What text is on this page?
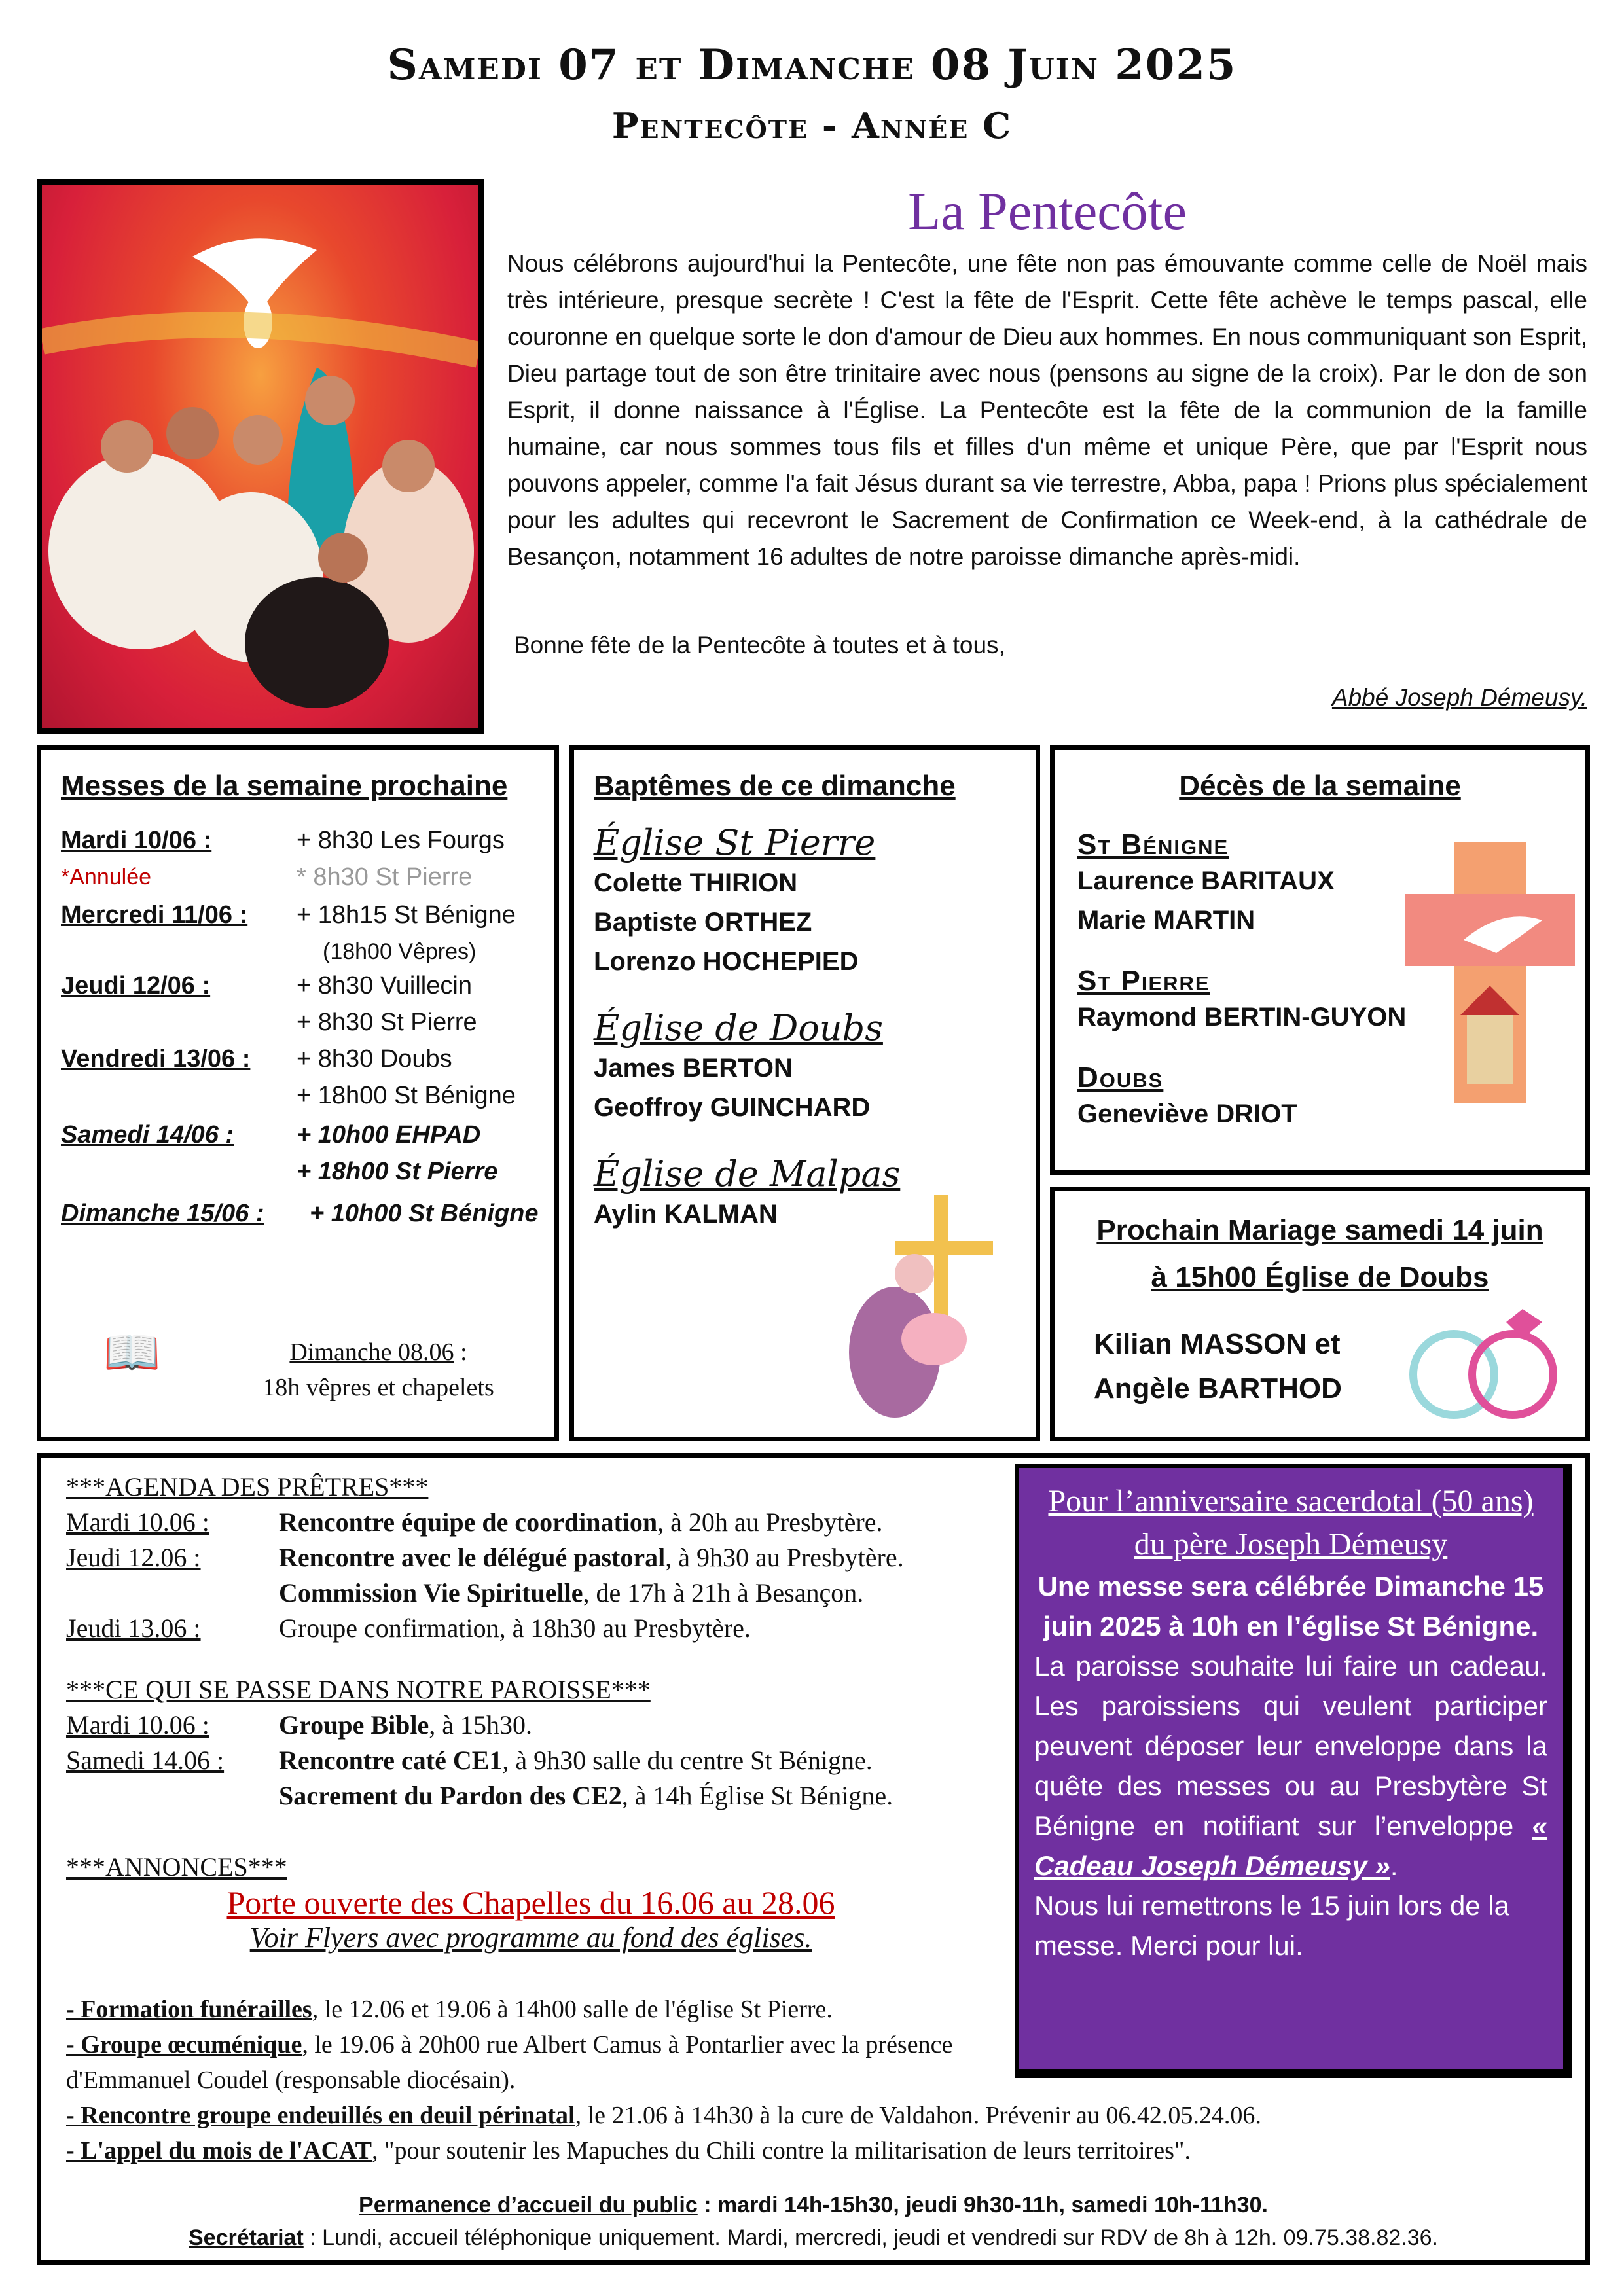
Samedi 07 et Dimanche 08 Juin 2025
Pentecôte - Année C
La Pentecôte
Nous célébrons aujourd'hui la Pentecôte, une fête non pas émouvante comme celle de Noël mais très intérieure, presque secrète ! C'est la fête de l'Esprit. Cette fête achève le temps pascal, elle couronne en quelque sorte le don d'amour de Dieu aux hommes. En nous communiquant son Esprit, Dieu partage tout de son être trinitaire avec nous (pensons au signe de la croix). Par le don de son Esprit, il donne naissance à l'Église. La Pentecôte est la fête de la communion de la famille humaine, car nous sommes tous fils et filles d'un même et unique Père, que par l'Esprit nous pouvons appeler, comme l'a fait Jésus durant sa vie terrestre, Abba, papa ! Prions plus spécialement pour les adultes qui recevront le Sacrement de Confirmation ce Week-end, à la cathédrale de Besançon, notamment 16 adultes de notre paroisse dimanche après-midi.
Bonne fête de la Pentecôte à toutes et à tous,
Abbé Joseph Démeusy.
Messes de la semaine prochaine
Mardi 10/06 :	+ 8h30 Les Fourgs
*Annulée	* 8h30 St Pierre
Mercredi 11/06 : + 18h15 St Bénigne
(18h00 Vêpres)
Jeudi 12/06 :	+ 8h30 Vuillecin
+ 8h30 St Pierre
Vendredi 13/06 : + 8h30 Doubs
+ 18h00 St Bénigne
Samedi 14/06 :	+ 10h00 EHPAD
+ 18h00 St Pierre
Dimanche 15/06 : + 10h00 St Bénigne
📖	Dimanche 08.06 :
18h vêpres et chapelets
Baptêmes de ce dimanche
Église St Pierre
Colette THIRION
Baptiste ORTHEZ
Lorenzo HOCHEPIED
Église de Doubs
James BERTON
Geoffroy GUINCHARD
Église de Malpas
Aylin KALMAN
Décès de la semaine
St Bénigne
Laurence BARITAUX
Marie MARTIN
St Pierre
Raymond BERTIN-GUYON
Doubs
Geneviève DRIOT
Prochain Mariage samedi 14 juin
à 15h00 Église de Doubs
Kilian MASSON et
Angèle BARTHOD
***AGENDA DES PRÊTRES***
Mardi 10.06 :	Rencontre équipe de coordination, à 20h au Presbytère.
Jeudi 12.06 :	Rencontre avec le délégué pastoral, à 9h30 au Presbytère.
Commission Vie Spirituelle, de 17h à 21h à Besançon.
Jeudi 13.06 :	Groupe confirmation, à 18h30 au Presbytère.
***CE QUI SE PASSE DANS NOTRE PAROISSE***
Mardi 10.06 :	Groupe Bible, à 15h30.
Samedi 14.06 : Rencontre caté CE1, à 9h30 salle du centre St Bénigne.
Sacrement du Pardon des CE2, à 14h Église St Bénigne.
***ANNONCES***
Porte ouverte des Chapelles du 16.06 au 28.06
Voir Flyers avec programme au fond des églises.
- Formation funérailles, le 12.06 et 19.06 à 14h00 salle de l'église St Pierre.
- Groupe œcuménique, le 19.06 à 20h00 rue Albert Camus à Pontarlier avec la présence d'Emmanuel Coudel (responsable diocésain).
- Rencontre groupe endeuillés en deuil périnatal, le 21.06 à 14h30 à la cure de Valdahon. Prévenir au 06.42.05.24.06.
- L'appel du mois de l'ACAT, "pour soutenir les Mapuches du Chili contre la militarisation de leurs territoires".
Permanence d’accueil du public : mardi 14h-15h30, jeudi 9h30-11h, samedi 10h-11h30.
Secrétariat : Lundi, accueil téléphonique uniquement. Mardi, mercredi, jeudi et vendredi sur RDV de 8h à 12h. 09.75.38.82.36.
Pour l’anniversaire sacerdotal (50 ans) du père Joseph Démeusy
Une messe sera célébrée Dimanche 15 juin 2025 à 10h en l’église St Bénigne.
La paroisse souhaite lui faire un cadeau. Les paroissiens qui veulent participer peuvent déposer leur enveloppe dans la quête des messes ou au Presbytère St Bénigne en notifiant sur l’enveloppe « Cadeau Joseph Démeusy ».
Nous lui remettrons le 15 juin lors de la messe. Merci pour lui.
